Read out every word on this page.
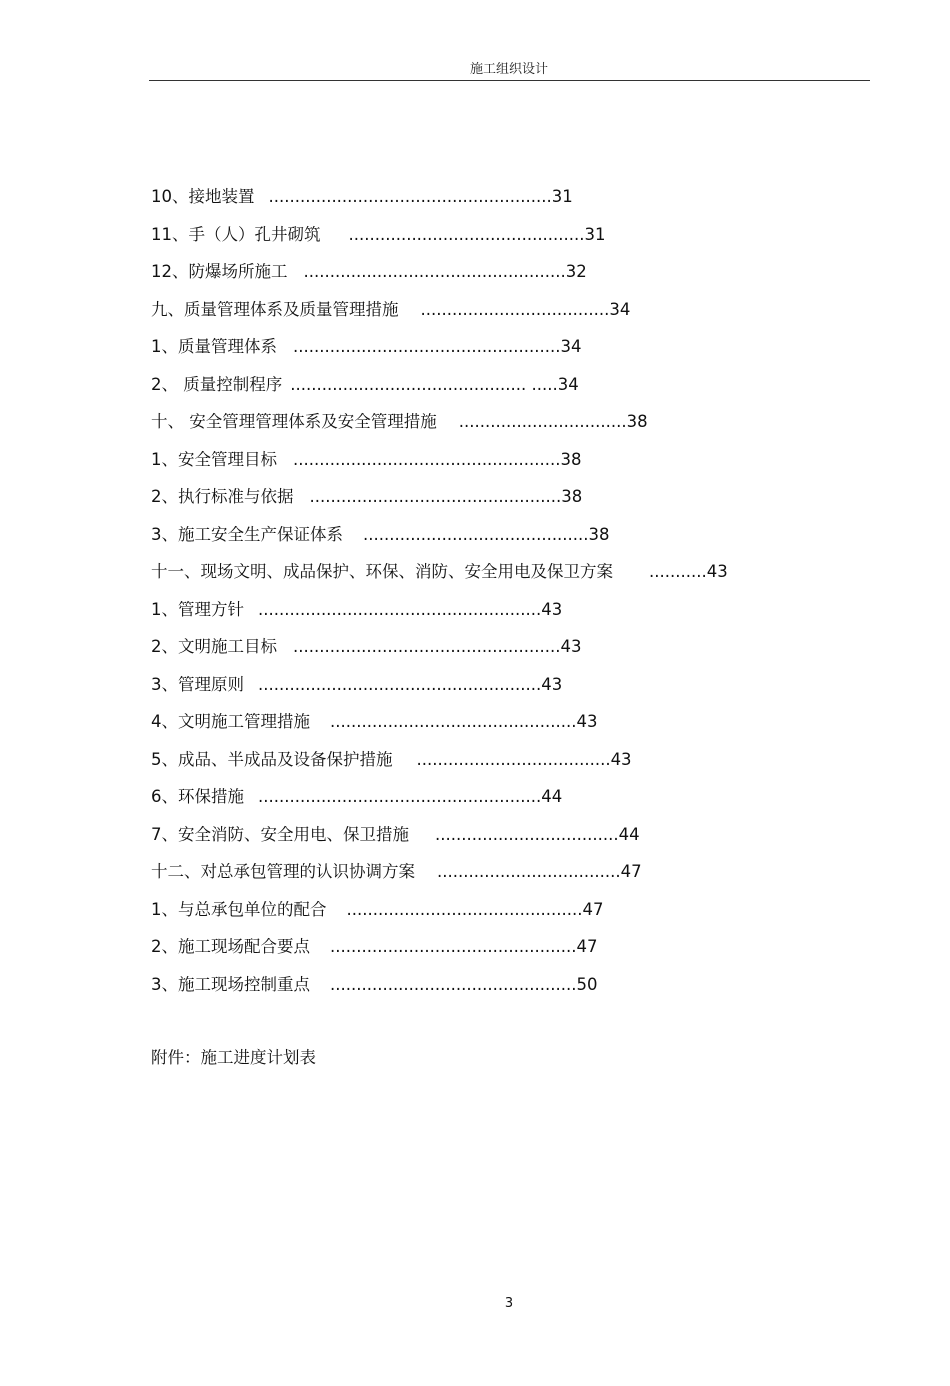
施工组织设计
10、接地装置 ...................................................... 31
11、手（人）孔井砌筑 ............................................. 31
12、防爆场所施工 .................................................. 32
九、质量管理体系及质量管理措施 .................................... 34
1、质量管理体系 ................................................... 34
2、 质量控制程序 ............................................. ..... 34
十、 安全管理管理体系及安全管理措施 ................................ 38
1、安全管理目标 ................................................... 38
2、执行标准与依据 ................................................ 38
3、施工安全生产保证体系 ........................................... 38
十一、现场文明、成品保护、环保、消防、安全用电及保卫方案 ........... 43
1、管理方针 ...................................................... 43
2、文明施工目标 ................................................... 43
3、管理原则 ...................................................... 43
4、文明施工管理措施 ............................................... 43
5、成品、半成品及设备保护措施 ..................................... 43
6、环保措施 ...................................................... 44
7、安全消防、安全用电、保卫措施 ................................... 44
十二、对总承包管理的认识协调方案 ................................... 47
1、与总承包单位的配合 ............................................. 47
2、施工现场配合要点 ............................................... 47
3、施工现场控制重点 ............................................... 50
附件：施工进度计划表
3
